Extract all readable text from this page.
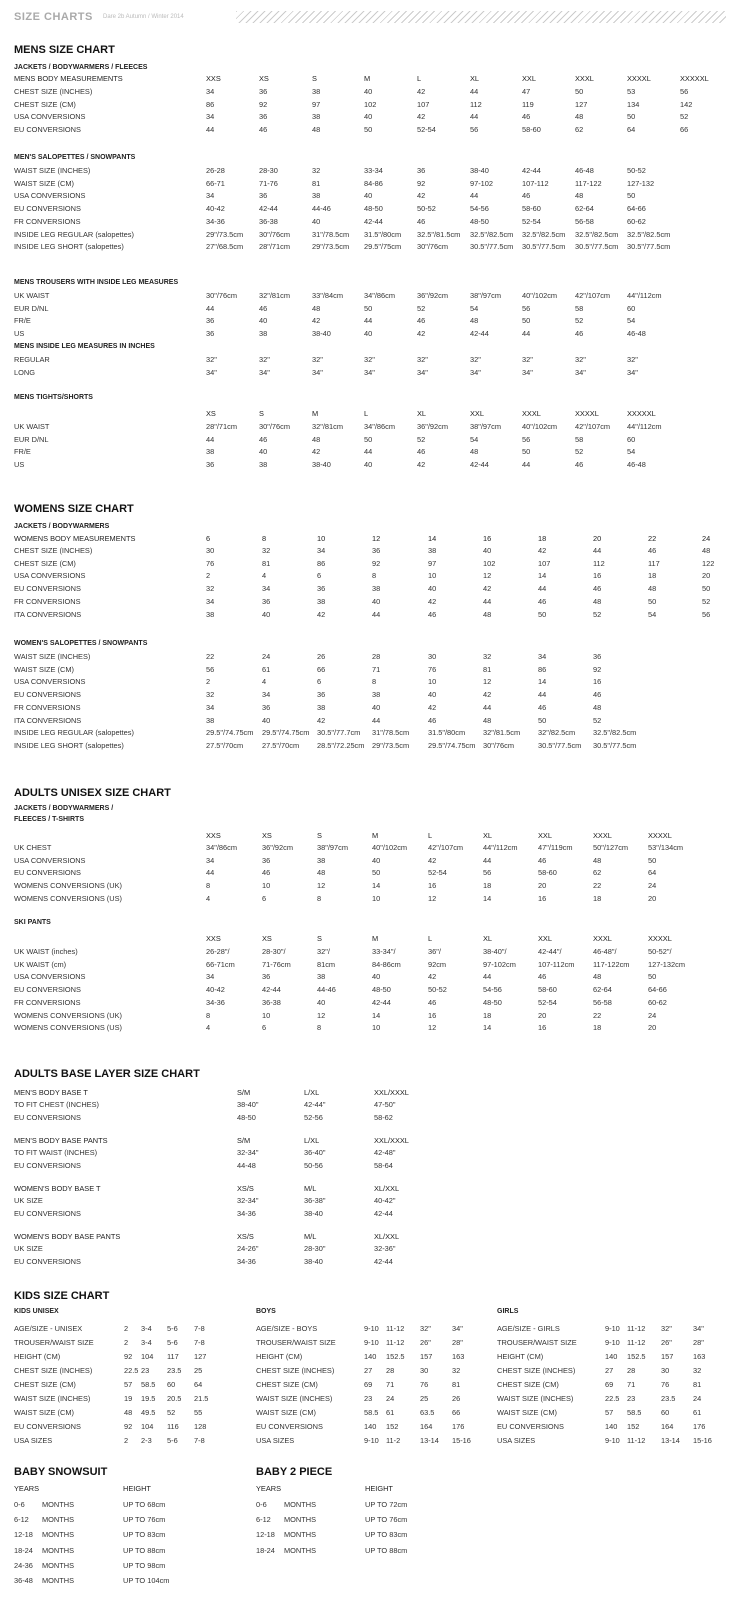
SIZE CHARTS Dare 2b Autumn / Winter 2014
MENS SIZE CHART
JACKETS / BODYWARMERS / FLEECES
MENS BODY MEASUREMENTS	XXS	XS	S	M	L	XL	XXL	XXXL	XXXXL	XXXXXL
CHEST SIZE (INCHES)	34	36	38	40	42	44	47	50	53	56
CHEST SIZE (CM)	86	92	97	102	107	112	119	127	134	142
USA CONVERSIONS	34	36	38	40	42	44	46	48	50	52
EU CONVERSIONS	44	46	48	50	52-54	56	58-60	62	64	66
MEN'S SALOPETTES / SNOWPANTS
WAIST SIZE (INCHES)	26-28	28-30	32	33-34	36	38-40	42-44	46-48	50-52
WAIST SIZE (CM)	66-71	71-76	81	84-86	92	97-102	107-112	117-122	127-132
USA CONVERSIONS	34	36	38	40	42	44	46	48	50
EU CONVERSIONS	40-42	42-44	44-46	48-50	50-52	54-56	58-60	62-64	64-66
FR CONVERSIONS	34-36	36-38	40	42-44	46	48-50	52-54	56-58	60-62
INSIDE LEG REGULAR (salopettes)	29"/73.5cm 30"/76cm	31"/78.5cm 31.5"/80cm 32.5"/81.5cm 32.5"/82.5cm 32.5"/82.5cm 32.5"/82.5cm 32.5"/82.5cm
INSIDE LEG SHORT (salopettes)	27"/68.5cm 28"/71cm	29"/73.5cm 29.5"/75cm 30"/76cm	30.5"/77.5cm 30.5"/77.5cm 30.5"/77.5cm 30.5"/77.5cm
MENS TROUSERS WITH INSIDE LEG MEASURES
UK WAIST	30"/76cm	32"/81cm	33"/84cm	34"/86cm	36"/92cm	38"/97cm	40"/102cm 42"/107cm 44"/112cm
EUR D/NL	44	46	48	50	52	54	56	58	60
FR/E	36	40	42	44	46	48	50	52	54
US	36	38	38-40	40	42	42-44	44	46	46-48
MENS INSIDE LEG MEASURES IN INCHES
REGULAR	32"	32"	32"	32"	32"	32"	32"	32"	32"
LONG	34"	34"	34"	34"	34"	34"	34"	34"	34"
MENS TIGHTS/SHORTS
XS	S	M	L	XL	XXL	XXXL	XXXXL	XXXXXL
UK WAIST	28"/71cm	30"/76cm	32"/81cm	34"/86cm	36"/92cm	38"/97cm	40"/102cm 42"/107cm 44"/112cm
EUR D/NL	44	46	48	50	52	54	56	58	60
FR/E	38	40	42	44	46	48	50	52	54
US	36	38	38-40	40	42	42-44	44	46	46-48
WOMENS SIZE CHART
JACKETS / BODYWARMERS
WOMENS BODY MEASUREMENTS	6	8	10	12	14	16	18	20	22	24
CHEST SIZE (INCHES)	30	32	34	36	38	40	42	44	46	48
CHEST SIZE (CM)	76	81	86	92	97	102	107	112	117	122
USA CONVERSIONS	2	4	6	8	10	12	14	16	18	20
EU CONVERSIONS	32	34	36	38	40	42	44	46	48	50
FR CONVERSIONS	34	36	38	40	42	44	46	48	50	52
ITA CONVERSIONS	38	40	42	44	46	48	50	52	54	56
WOMEN'S SALOPETTES / SNOWPANTS
WAIST SIZE (INCHES)	22	24	26	28	30	32	34	36
WAIST SIZE (CM)	56	61	66	71	76	81	86	92
USA CONVERSIONS	2	4	6	8	10	12	14	16
EU CONVERSIONS	32	34	36	38	40	42	44	46
FR CONVERSIONS	34	36	38	40	42	44	46	48
ITA CONVERSIONS	38	40	42	44	46	48	50	52
INSIDE LEG REGULAR (salopettes)	29.5"/74.75cm 29.5"/74.75cm 30.5"/77.7cm 31"/78.5cm	31.5"/80cm 32"/81.5cm 32"/82.5cm 32.5"/82.5cm
INSIDE LEG SHORT (salopettes)	27.5"/70cm	27.5"/70cm 28.5"/72.25cm 29"/73.5cm	29.5"/74.75cm 30"/76cm	30.5"/77.5cm 30.5"/77.5cm
ADULTS UNISEX SIZE CHART
JACKETS / BODYWARMERS /
FLEECES / T-SHIRTS
XXS	XS	S	M	L	XL	XXL	XXXL	XXXXL
UK CHEST	34"/86cm	36"/92cm	38"/97cm	40"/102cm	42"/107cm	44"/112cm	47"/119cm	50"/127cm	53"/134cm
USA CONVERSIONS	34	36	38	40	42	44	46	48	50
EU CONVERSIONS	44	46	48	50	52-54	56	58-60	62	64
WOMENS CONVERSIONS (UK)	8	10	12	14	16	18	20	22	24
WOMENS CONVERSIONS (US)	4	6	8	10	12	14	16	18	20
SKI PANTS
XXS	XS	S	M	L	XL	XXL	XXXL	XXXXL
UK WAIST (inches)	26-28"/	28-30"/	32"/	33-34"/	36"/	38-40"/	42-44"/	46-48"/	50-52"/
UK WAIST (cm)	66-71cm	71-76cm	81cm	84-86cm	92cm	97-102cm	107-112cm	117-122cm	127-132cm
USA CONVERSIONS	34	36	38	40	42	44	46	48	50
EU CONVERSIONS	40-42	42-44	44-46	48-50	50-52	54-56	58-60	62-64	64-66
FR CONVERSIONS	34-36	36-38	40	42-44	46	48-50	52-54	56-58	60-62
WOMENS CONVERSIONS (UK)	8	10	12	14	16	18	20	22	24
WOMENS CONVERSIONS (US)	4	6	8	10	12	14	16	18	20
ADULTS BASE LAYER SIZE CHART
MEN'S BODY BASE T	S/M	L/XL	XXL/XXXL
TO FIT CHEST (INCHES)	38-40"	42-44"	47-50"
EU CONVERSIONS	48-50	52-56	58-62
MEN'S BODY BASE PANTS	S/M	L/XL	XXL/XXXL
TO FIT WAIST (INCHES)	32-34"	36-40"	42-48"
EU CONVERSIONS	44-48	50-56	58-64
WOMEN'S BODY BASE T	XS/S	M/L	XL/XXL
UK SIZE	32-34"	36-38"	40-42"
EU CONVERSIONS	34-36	38-40	42-44
WOMEN'S BODY BASE PANTS	XS/S	M/L	XL/XXL
UK SIZE	24-26"	28-30"	32-36"
EU CONVERSIONS	34-36	38-40	42-44
KIDS SIZE CHART
KIDS UNISEX
AGE/SIZE - UNISEX	2 3-4 5-6 7-8
TROUSER/WAIST SIZE	2 3-4 5-6 7-8
HEIGHT (CM)	92 104 117 127
CHEST SIZE (INCHES)	22.5 23 23.5 25
CHEST SIZE (CM)	57 58.5 60	64
WAIST SIZE (INCHES)	19 19.5 20.5 21.5
WAIST SIZE (CM)	48 49.5 52	55
EU CONVERSIONS	92 104 116 128
USA SIZES	2 2-3 5-6 7-8
BOYS
AGE/SIZE - BOYS	9-10 11-12 32"	34"
TROUSER/WAIST SIZE	9-10 11-12 26"	28"
HEIGHT (CM)	140 152.5 157	163
CHEST SIZE (INCHES)	27 28	30	32
CHEST SIZE (CM)	69 71	76	81
WAIST SIZE (INCHES)	23 24	25	26
WAIST SIZE (CM)	58.5 61	63.5 66
EU CONVERSIONS	140 152	164	176
USA SIZES	9-10 11-2	13-14 15-16
GIRLS
AGE/SIZE - GIRLS	9-10 11-12 32"	34"
TROUSER/WAIST SIZE	9-10 11-12 26"	28"
HEIGHT (CM)	140 152.5 157	163
CHEST SIZE (INCHES)	27 28	30	32
CHEST SIZE (CM)	69 71	76	81
WAIST SIZE (INCHES)	22.5 23	23.5 24
WAIST SIZE (CM)	57 58.5	60	61
EU CONVERSIONS	140 152	164	176
USA SIZES	9-10 11-12 13-14 15-16
BABY SNOWSUIT
YEARS	HEIGHT
0-6 MONTHS	UP TO 68cm
6-12 MONTHS	UP TO 76cm
12-18 MONTHS	UP TO 83cm
18-24 MONTHS	UP TO 88cm
24-36 MONTHS	UP TO 98cm
36-48 MONTHS	UP TO 104cm
BABY 2 PIECE
YEARS	HEIGHT
0-6 MONTHS	UP TO 72cm
6-12 MONTHS	UP TO 76cm
12-18 MONTHS	UP TO 83cm
18-24 MONTHS	UP TO 88cm
